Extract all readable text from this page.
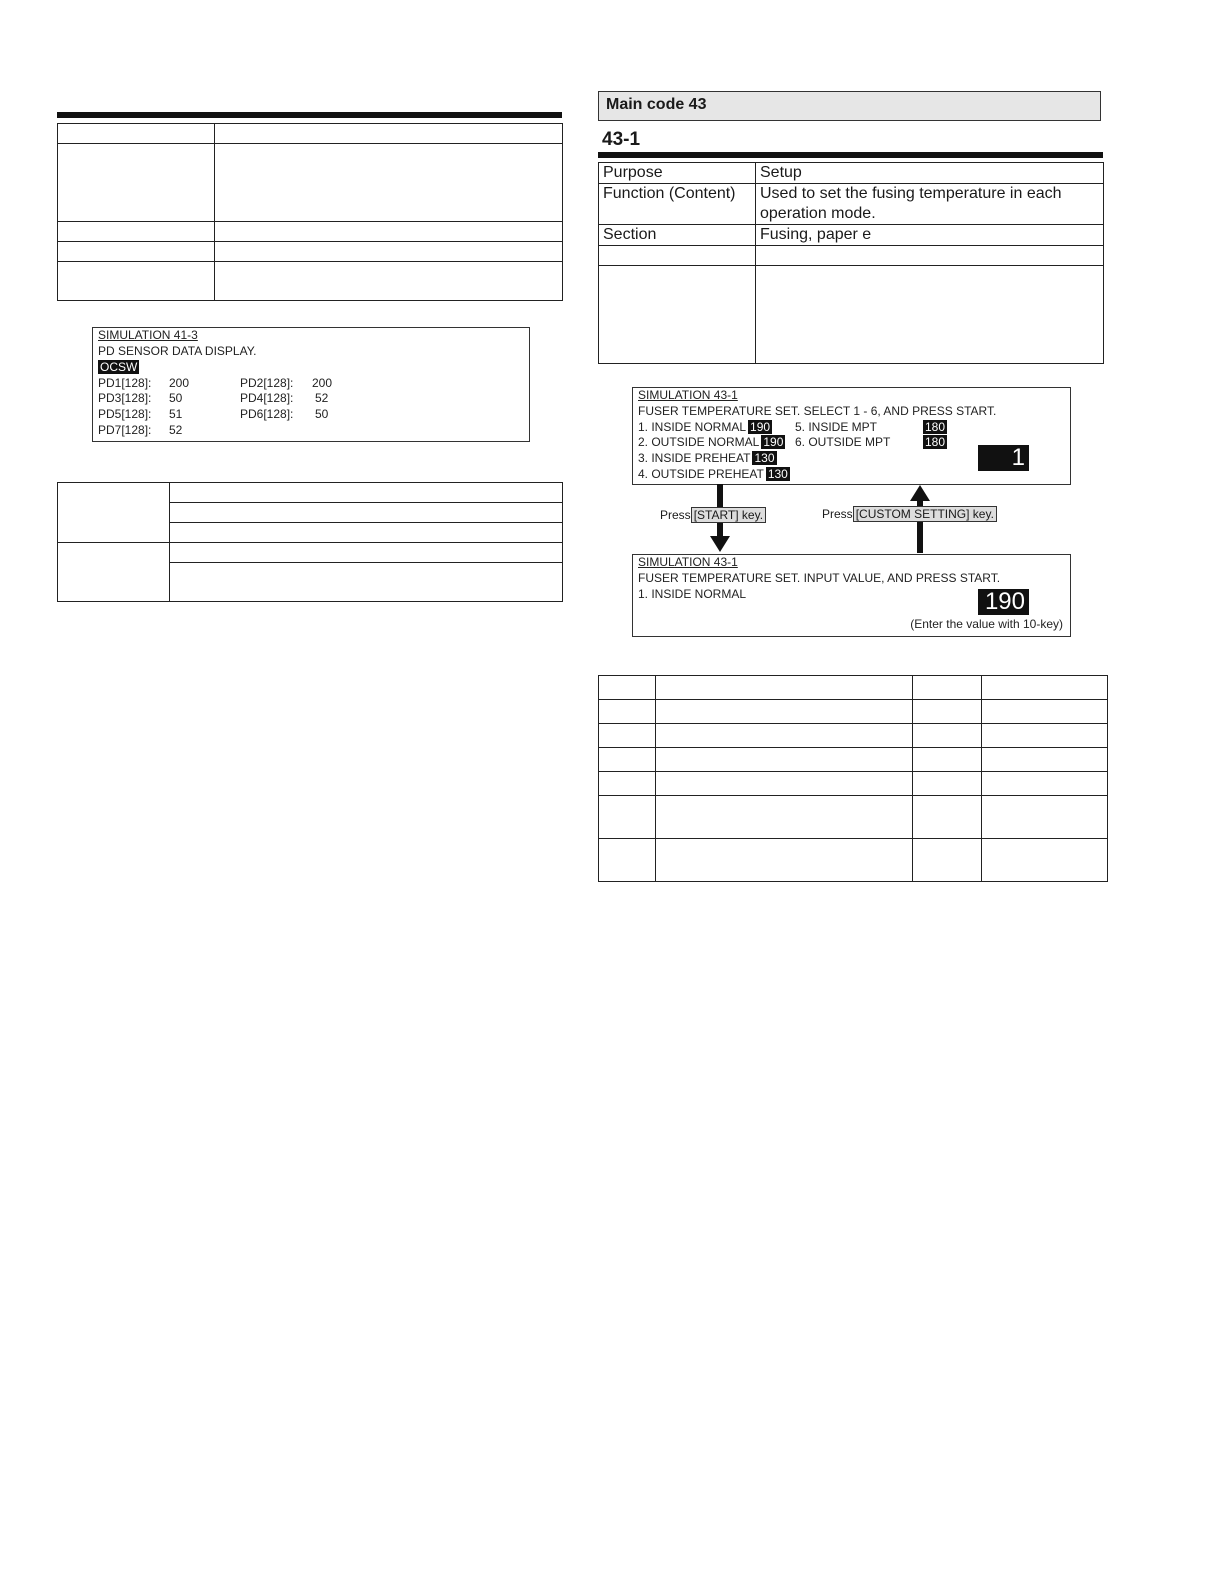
SIMULATION 41-3
PD SENSOR DATA DISPLAY.
OCSW
PD1[128]: 200	PD2[128]: 200
PD3[128]: 50	PD4[128]: 52
PD5[128]: 51	PD6[128]: 50
PD7[128]: 52

Main code 43
43-1
Purpose	Setup
Function (Content)	Used to set the fusing temperature in each
operation mode.

Section	Fusing, paper e

SIMULATION 43-1
FUSER TEMPERATURE SET. SELECT 1 - 6, AND PRESS START.
1. INSIDE NORMAL 190
2. OUTSIDE NORMAL 190
3. INSIDE PREHEAT 130
4. OUTSIDE PREHEAT 130
5. INSIDE MPT	180
6. OUTSIDE MPT	180
1
Press [START] key.	Press [CUSTOM SETTING] key.
SIMULATION 43-1
FUSER TEMPERATURE SET. INPUT VALUE, AND PRESS START.
1. INSIDE NORMAL	190
(Enter the value with 10-key)
